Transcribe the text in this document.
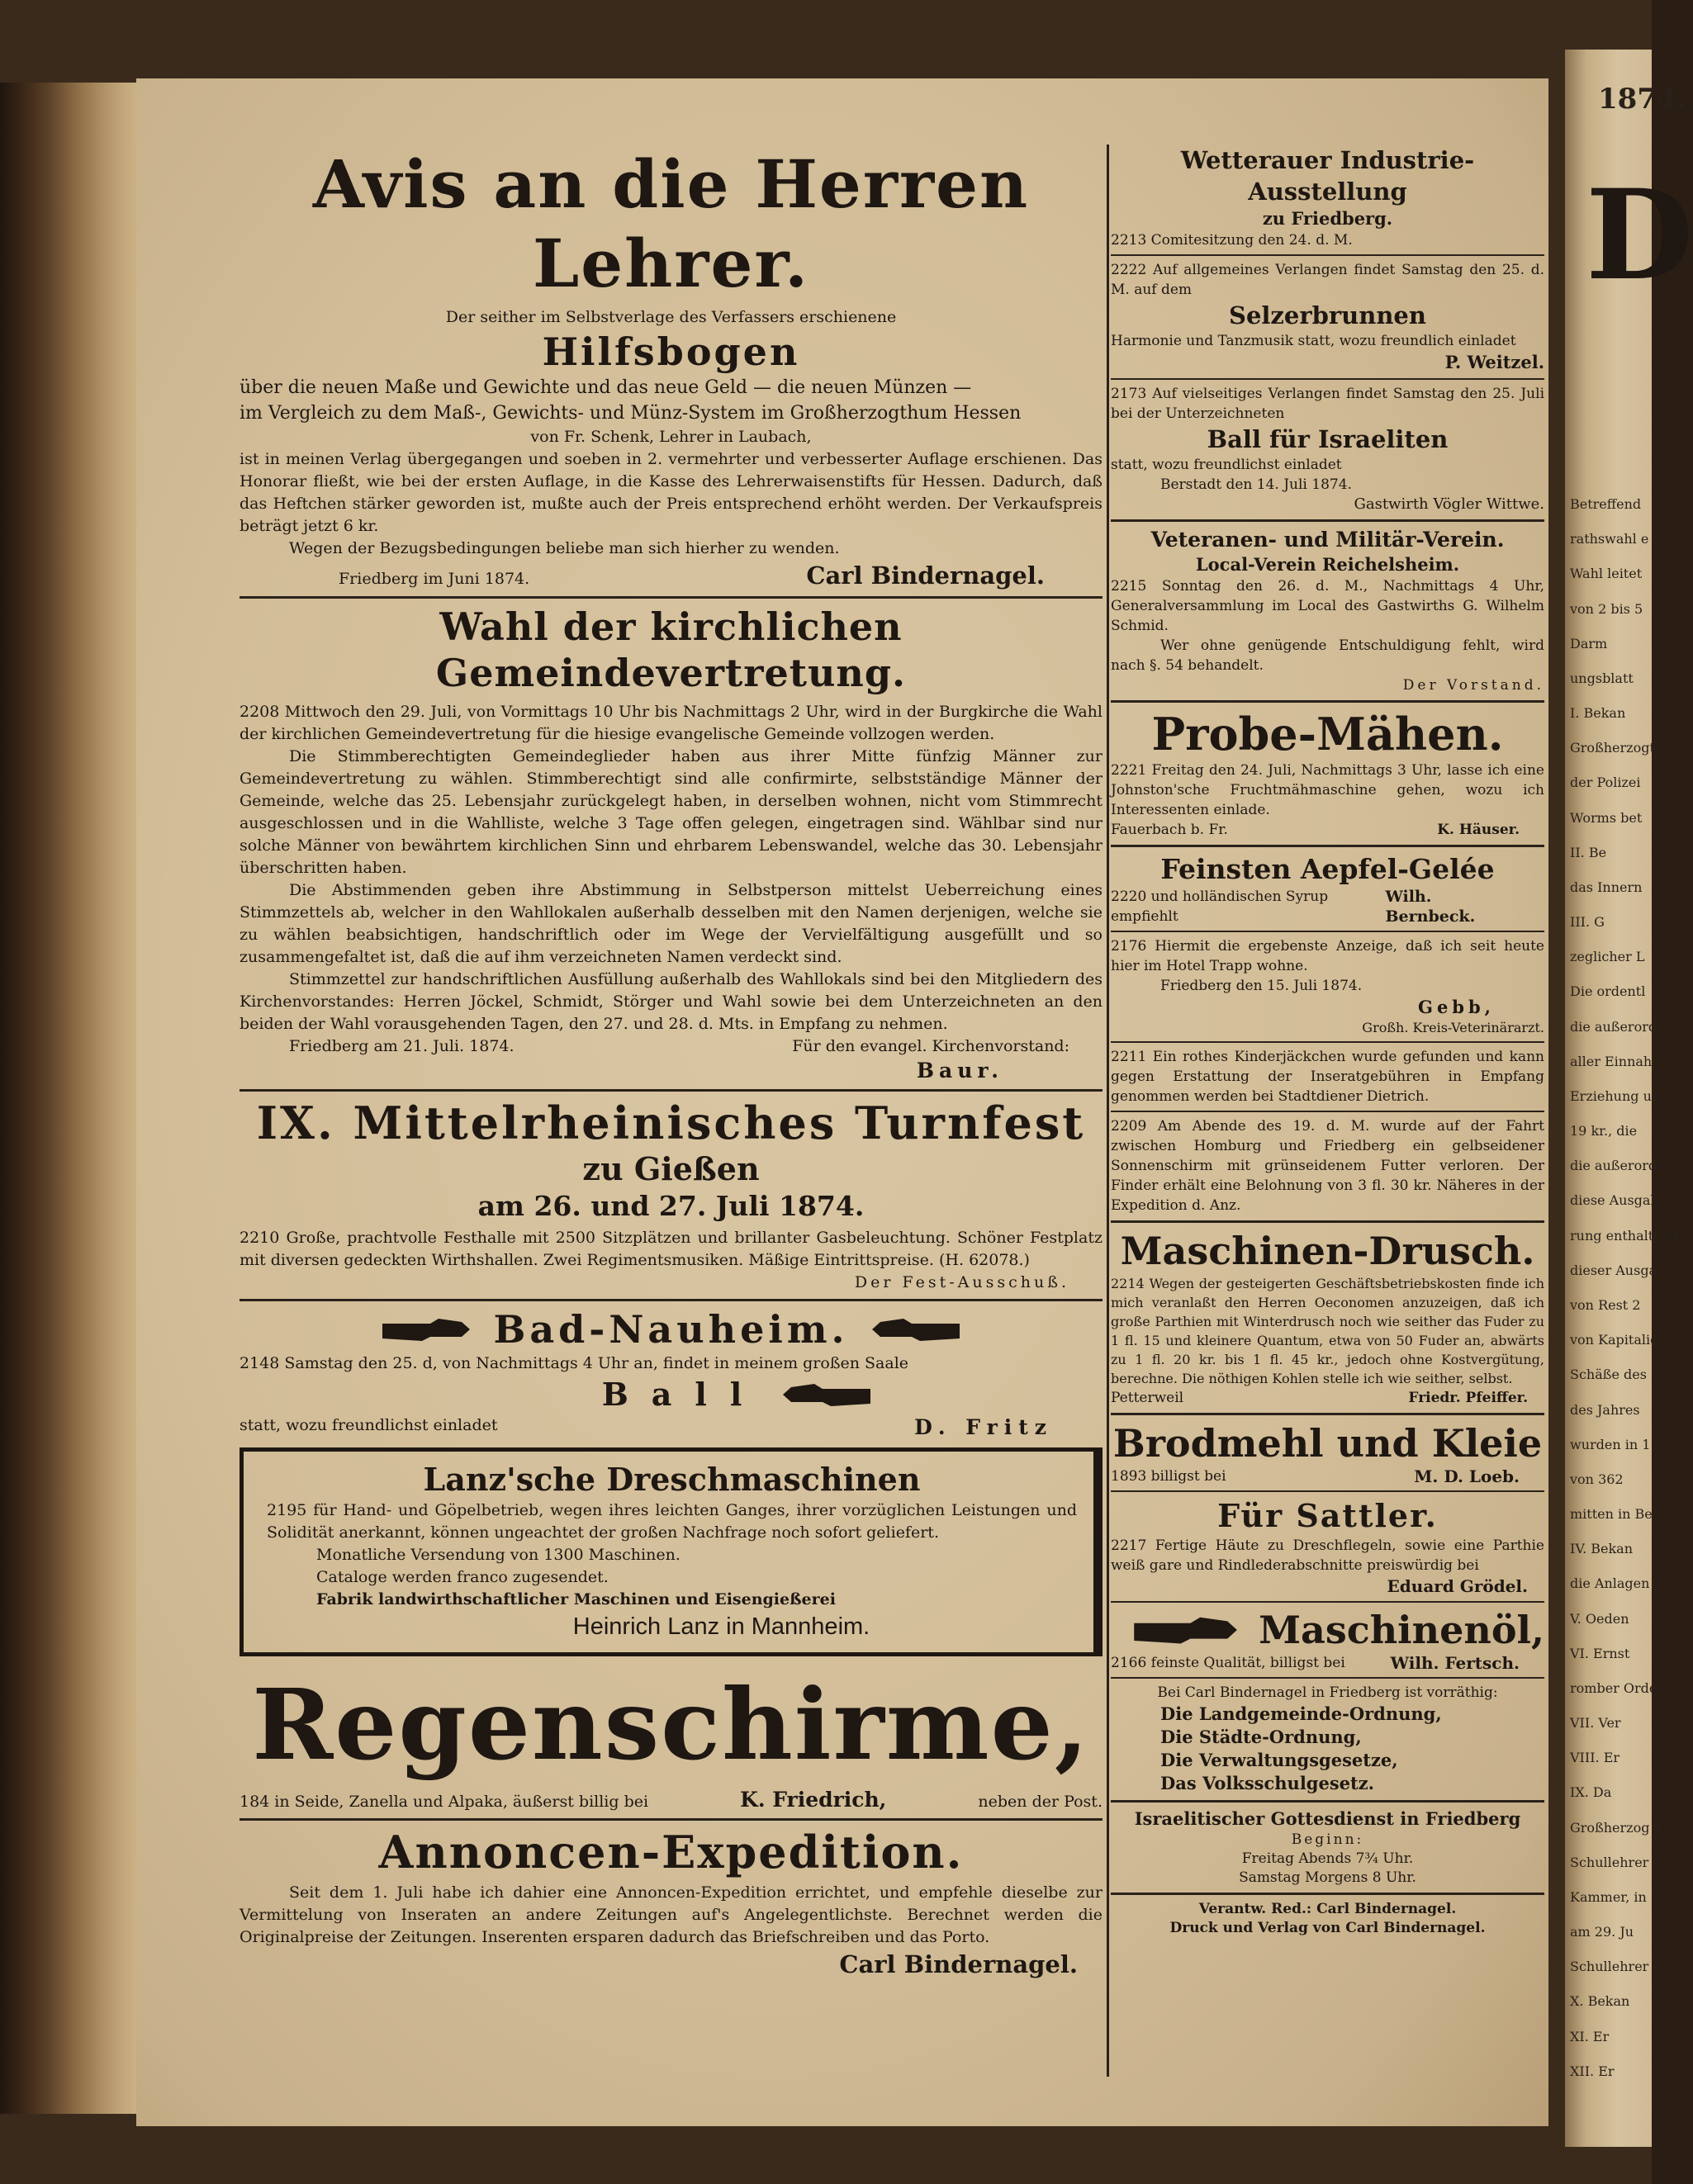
1874.
D
Betreffend
rathswahl e
Wahl leitet
von 2 bis 5
Darm
ungsblatt
I. Bekan
Großherzogth
der Polizei
Worms bet
II. Be
das Innern
III. G
zeglicher L
Die ordentl
die außerorde
aller Einnah
Erziehung un
19 kr., die
die außerorde
diese Ausgab
rung enthaltend
dieser Ausgab
von Rest 2
von Kapitalie
Schäße des
des Jahres
wurden in 1
von 362
mitten in Be
IV. Bekan
die Anlagen
V. Oeden
VI. Ernst
romber Orden
VII. Ver
VIII. Er
IX. Da
Großherzog h
Schullehrer
Kammer, in
am 29. Ju
Schullehrer
X. Bekan
XI. Er
XII. Er
Avis an die Herren Lehrer.

Der seither im Selbstverlage des Verfassers erschienene

Hilfsbogen

über die neuen Maße und Gewichte und das neue Geld — die neuen Münzen —

im Vergleich zu dem Maß-, Gewichts- und Münz-System im Großherzogthum Hessen

von Fr. Schenk, Lehrer in Laubach,

ist in meinen Verlag übergegangen und soeben in 2. vermehrter und verbesserter Auflage erschienen. Das Honorar fließt, wie bei der ersten Auflage, in die Kasse des Lehrerwaisenstifts für Hessen. Dadurch, daß das Heftchen stärker geworden ist, mußte auch der Preis entsprechend erhöht werden. Der Verkaufspreis beträgt jetzt 6 kr.

Wegen der Bezugsbedingungen beliebe man sich hierher zu wenden.

Friedberg im Juni 1874.	Carl Bindernagel.
Wahl der kirchlichen Gemeindevertretung.

2208 Mittwoch den 29. Juli, von Vormittags 10 Uhr bis Nachmittags 2 Uhr, wird in der Burgkirche die Wahl der kirchlichen Gemeindevertretung für die hiesige evangelische Gemeinde vollzogen werden.

Die Stimmberechtigten Gemeindeglieder haben aus ihrer Mitte fünfzig Männer zur Gemeindevertretung zu wählen. Stimmberechtigt sind alle confirmirte, selbstständige Männer der Gemeinde, welche das 25. Lebensjahr zurückgelegt haben, in derselben wohnen, nicht vom Stimmrecht ausgeschlossen und in die Wahlliste, welche 3 Tage offen gelegen, eingetragen sind. Wählbar sind nur solche Männer von bewährtem kirchlichen Sinn und ehrbarem Lebenswandel, welche das 30. Lebensjahr überschritten haben.

Die Abstimmenden geben ihre Abstimmung in Selbstperson mittelst Ueberreichung eines Stimmzettels ab, welcher in den Wahllokalen außerhalb desselben mit den Namen derjenigen, welche sie zu wählen beabsichtigen, handschriftlich oder im Wege der Vervielfältigung ausgefüllt und so zusammengefaltet ist, daß die auf ihm verzeichneten Namen verdeckt sind.

Stimmzettel zur handschriftlichen Ausfüllung außerhalb des Wahllokals sind bei den Mitgliedern des Kirchenvorstandes: Herren Jöckel, Schmidt, Störger und Wahl sowie bei dem Unterzeichneten an den beiden der Wahl vorausgehenden Tagen, den 27. und 28. d. Mts. in Empfang zu nehmen.

Friedberg am 21. Juli. 1874.	Für den evangel. Kirchenvorstand:
Baur.
IX. Mittelrheinisches Turnfest
zu Gießen
am 26. und 27. Juli 1874.

2210 Große, prachtvolle Festhalle mit 2500 Sitzplätzen und brillanter Gasbeleuchtung. Schöner Festplatz mit diversen gedeckten Wirthshallen. Zwei Regimentsmusiken. Mäßige Eintrittspreise. (H. 62078.)

Der Fest-Ausschuß.
Bad-Nauheim.

2148 Samstag den 25. d, von Nachmittags 4 Uhr an, findet in meinem großen Saale

Ball
statt, wozu freundlichst einladet	D. Fritz
Lanz'sche Dreschmaschinen

2195 für Hand- und Göpelbetrieb, wegen ihres leichten Ganges, ihrer vorzüglichen Leistungen und Solidität anerkannt, können ungeachtet der großen Nachfrage noch sofort geliefert.

Monatliche Versendung von 1300 Maschinen.

Cataloge werden franco zugesendet.

Fabrik landwirthschaftlicher Maschinen und Eisengießerei

Heinrich Lanz in Mannheim.
Regenschirme,
184 in Seide, Zanella und Alpaka, äußerst billig bei	K. Friedrich,	neben der Post.
Annoncen-Expedition.

Seit dem 1. Juli habe ich dahier eine Annoncen-Expedition errichtet, und empfehle dieselbe zur Vermittelung von Inseraten an andere Zeitungen auf's Angelegentlichste. Berechnet werden die Originalpreise der Zeitungen. Inserenten ersparen dadurch das Briefschreiben und das Porto.

Carl Bindernagel.
Wetterauer Industrie-Ausstellung
zu Friedberg.

2213 Comitesitzung den 24. d. M.

2222 Auf allgemeines Verlangen findet Samstag den 25. d. M. auf dem

Selzerbrunnen

Harmonie und Tanzmusik statt, wozu freundlich einladet

P. Weitzel.

2173 Auf vielseitiges Verlangen findet Samstag den 25. Juli bei der Unterzeichneten

Ball für Israeliten

statt, wozu freundlichst einladet

Berstadt den 14. Juli 1874.

Gastwirth Vögler Wittwe.
Veteranen- und Militär-Verein.
Local-Verein Reichelsheim.

2215 Sonntag den 26. d. M., Nachmittags 4 Uhr, Generalversammlung im Local des Gastwirths G. Wilhelm Schmid.

Wer ohne genügende Entschuldigung fehlt, wird nach §. 54 behandelt.

Der Vorstand.
Probe-Mähen.

2221 Freitag den 24. Juli, Nachmittags 3 Uhr, lasse ich eine Johnston'sche Fruchtmähmaschine gehen, wozu ich Interessenten einlade.

Fauerbach b. Fr.	K. Häuser.
Feinsten Aepfel-Gelée
2220 und holländischen Syrup empfiehlt
Wilh. Bernbeck.

2176 Hiermit die ergebenste Anzeige, daß ich seit heute hier im Hotel Trapp wohne.

Friedberg den 15. Juli 1874.

Gebb,
Großh. Kreis-Veterinärarzt.

2211 Ein rothes Kinderjäckchen wurde gefunden und kann gegen Erstattung der Inseratgebühren in Empfang genommen werden bei Stadtdiener Dietrich.

2209 Am Abende des 19. d. M. wurde auf der Fahrt zwischen Homburg und Friedberg ein gelbseidener Sonnenschirm mit grünseidenem Futter verloren. Der Finder erhält eine Belohnung von 3 fl. 30 kr. Näheres in der Expedition d. Anz.

Maschinen-Drusch.

2214 Wegen der gesteigerten Geschäftsbetriebskosten finde ich mich veranlaßt den Herren Oeconomen anzuzeigen, daß ich große Parthien mit Winterdrusch noch wie seither das Fuder zu 1 fl. 15 und kleinere Quantum, etwa von 50 Fuder an, abwärts zu 1 fl. 20 kr. bis 1 fl. 45 kr., jedoch ohne Kostvergütung, berechne. Die nöthigen Kohlen stelle ich wie seither, selbst.

Petterweil	Friedr. Pfeiffer.
Brodmehl und Kleie
1893 billigst bei	M. D. Loeb.
Für Sattler.

2217 Fertige Häute zu Dreschflegeln, sowie eine Parthie weiß gare und Rindlederabschnitte preiswürdig bei

Eduard Grödel.
Maschinenöl,
2166 feinste Qualität, billigst bei	Wilh. Fertsch.

Bei Carl Bindernagel in Friedberg ist vorräthig:

Die Landgemeinde-Ordnung,
Die Städte-Ordnung,
Die Verwaltungsgesetze,
Das Volksschulgesetz.
Israelitischer Gottesdienst in Friedberg
Beginn:
Freitag Abends 7¾ Uhr.
Samstag Morgens 8 Uhr.
Verantw. Red.: Carl Bindernagel.
Druck und Verlag von Carl Bindernagel.
